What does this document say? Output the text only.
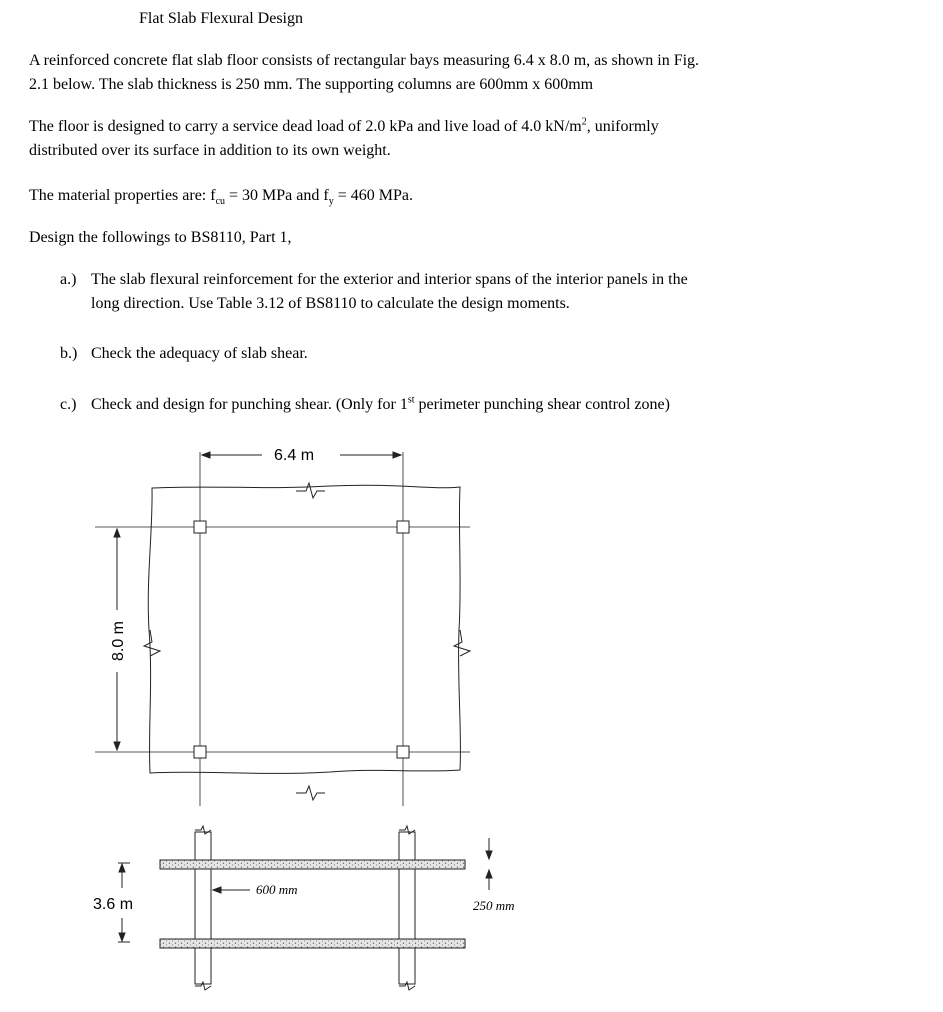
Flat Slab Flexural Design

A reinforced concrete flat slab floor consists of rectangular bays measuring 6.4 x 8.0 m, as shown in Fig.
2.1 below. The slab thickness is 250 mm. The supporting columns are 600mm x 600mm

The floor is designed to carry a service dead load of 2.0 kPa and live load of 4.0 $kN/m^2$, uniformly
distributed over its surface in addition to its own weight.

The material properties are: $f_{cu} = 30$ MPa and $f_y = 460$ MPa.

Design the followings to BS8110, Part 1,

a.) The slab flexural reinforcement for the exterior and interior spans of the interior panels in the
long direction. Use Table 3.12 of BS8110 to calculate the design moments.
b.) Check the adequacy of slab shear.
c.) Check and design for punching shear. (Only for 1st perimeter punching shear control zone)
6.4 m
8.0 m
3.6 m
600 mm
250 mm
